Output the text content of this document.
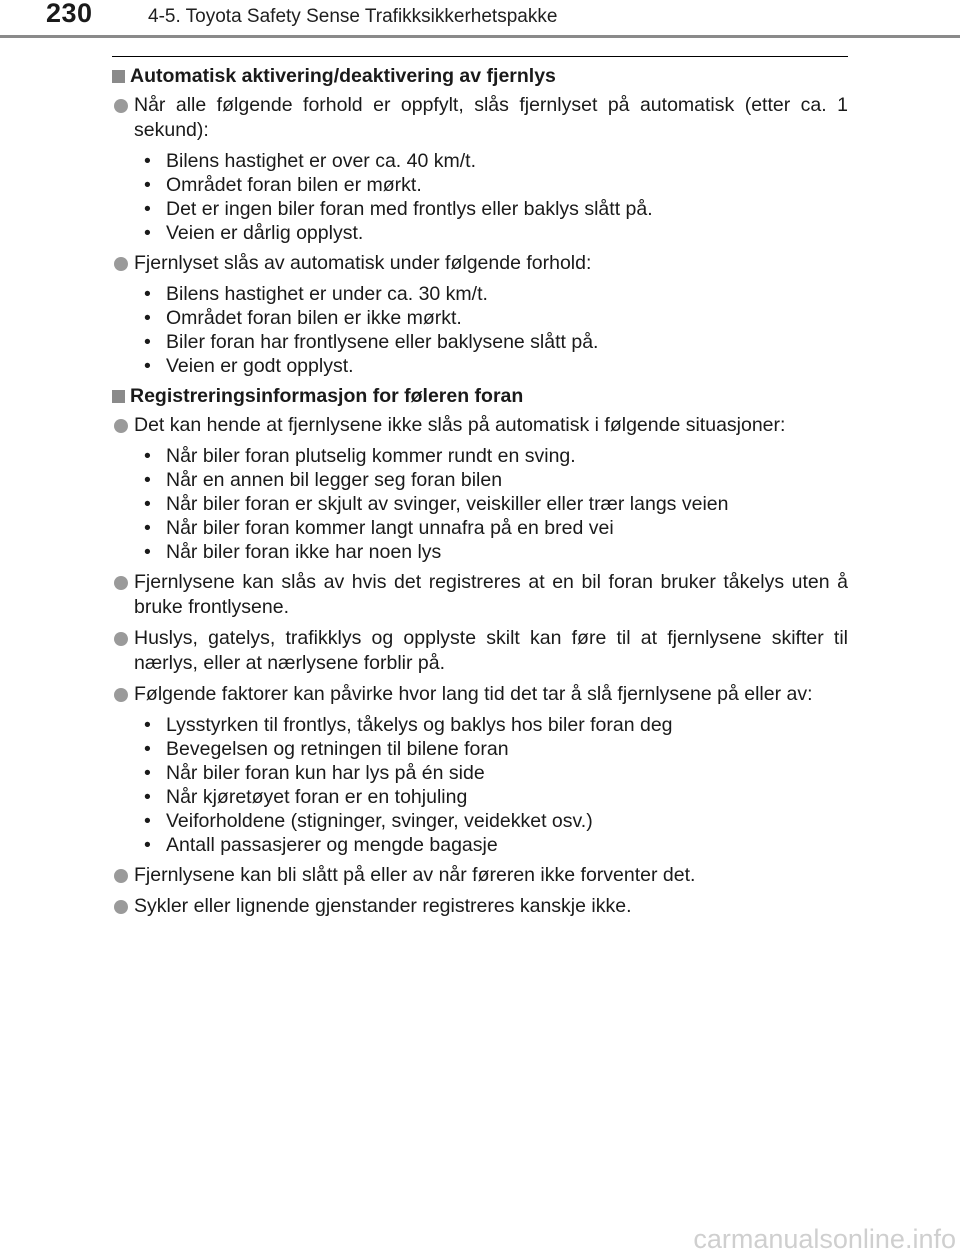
230	4-5. Toyota Safety Sense Trafikksikkerhetspakke
Automatisk aktivering/deaktivering av fjernlys
Når alle følgende forhold er oppfylt, slås fjernlyset på automatisk (etter ca. 1 sekund):
• Bilens hastighet er over ca. 40 km/t.
• Området foran bilen er mørkt.
• Det er ingen biler foran med frontlys eller baklys slått på.
• Veien er dårlig opplyst.
Fjernlyset slås av automatisk under følgende forhold:
• Bilens hastighet er under ca. 30 km/t.
• Området foran bilen er ikke mørkt.
• Biler foran har frontlysene eller baklysene slått på.
• Veien er godt opplyst.
Registreringsinformasjon for føleren foran
Det kan hende at fjernlysene ikke slås på automatisk i følgende situasjoner:
• Når biler foran plutselig kommer rundt en sving.
• Når en annen bil legger seg foran bilen
• Når biler foran er skjult av svinger, veiskiller eller trær langs veien
• Når biler foran kommer langt unnafra på en bred vei
• Når biler foran ikke har noen lys
Fjernlysene kan slås av hvis det registreres at en bil foran bruker tåkelys uten å bruke frontlysene.
Huslys, gatelys, trafikklys og opplyste skilt kan føre til at fjernlysene skifter til nærlys, eller at nærlysene forblir på.
Følgende faktorer kan påvirke hvor lang tid det tar å slå fjernlysene på eller av:
• Lysstyrken til frontlys, tåkelys og baklys hos biler foran deg
• Bevegelsen og retningen til bilene foran
• Når biler foran kun har lys på én side
• Når kjøretøyet foran er en tohjuling
• Veiforholdene (stigninger, svinger, veidekket osv.)
• Antall passasjerer og mengde bagasje
Fjernlysene kan bli slått på eller av når føreren ikke forventer det.
Sykler eller lignende gjenstander registreres kanskje ikke.
carmanualsonline.info
